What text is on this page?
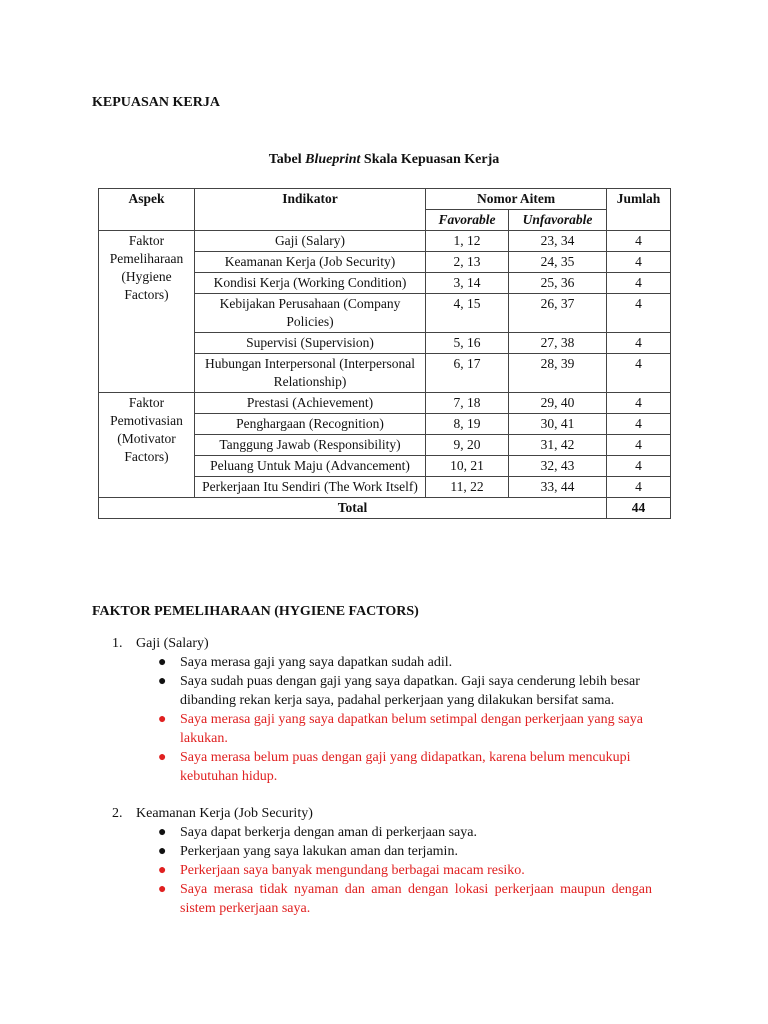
KEPUASAN KERJA
Tabel Blueprint Skala Kepuasan Kerja
Aspek	Indikator	Nomor Aitem		Jumlah
		Favorable	Unfavorable	
Faktor Pemeliharaan (Hygiene Factors)	Gaji (Salary)	1, 12	23, 34	4
	Keamanan Kerja (Job Security)	2, 13	24, 35	4
	Kondisi Kerja (Working Condition)	3, 14	25, 36	4
	Kebijakan Perusahaan (Company Policies)	4, 15	26, 37	4
	Supervisi (Supervision)	5, 16	27, 38	4
	Hubungan Interpersonal (Interpersonal Relationship)	6, 17	28, 39	4
Faktor Pemotivasian (Motivator Factors)	Prestasi (Achievement)	7, 18	29, 40	4
	Penghargaan (Recognition)	8, 19	30, 41	4
	Tanggung Jawab (Responsibility)	9, 20	31, 42	4
	Peluang Untuk Maju (Advancement)	10, 21	32, 43	4
	Perkerjaan Itu Sendiri (The Work Itself)	11, 22	33, 44	4
Total				44
FAKTOR PEMELIHARAAN (HYGIENE FACTORS)
1. Gaji (Salary)
● Saya merasa gaji yang saya dapatkan sudah adil.
● Saya sudah puas dengan gaji yang saya dapatkan. Gaji saya cenderung lebih besar dibanding rekan kerja saya, padahal perkerjaan yang dilakukan bersifat sama.
● Saya merasa gaji yang saya dapatkan belum setimpal dengan perkerjaan yang saya lakukan.
● Saya merasa belum puas dengan gaji yang didapatkan, karena belum mencukupi kebutuhan hidup.
2. Keamanan Kerja (Job Security)
● Saya dapat berkerja dengan aman di perkerjaan saya.
● Perkerjaan yang saya lakukan aman dan terjamin.
● Perkerjaan saya banyak mengundang berbagai macam resiko.
● Saya merasa tidak nyaman dan aman dengan lokasi perkerjaan maupun dengan sistem perkerjaan saya.
